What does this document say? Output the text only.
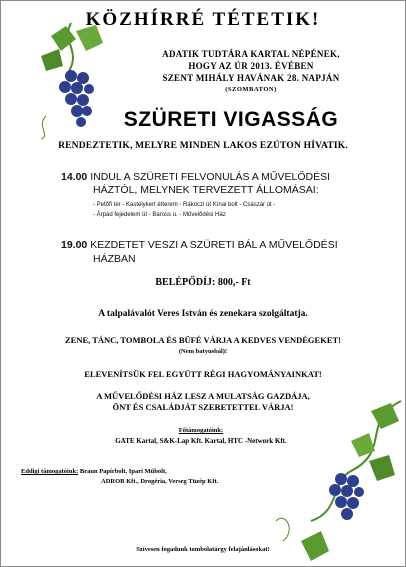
KÖZHÍRRÉ TÉTETIK!
ADATIK TUDTÁRA KARTAL NÉPÉNEK,
HOGY AZ ÚR 2013. ÉVÉBEN
SZENT MIHÁLY HAVÁNAK 28. NAPJÁN
(SZOMBATON)
SZÜRETI VIGASSÁG
RENDEZTETIK, MELYRE MINDEN LAKOS EZÚTON HÍVATIK.
14.00 INDUL A SZÜRETI FELVONULÁS A MŰVELŐDÉSI
HÁZTÓL, MELYNEK TERVEZETT ÁLLOMÁSAI:
- Petőfi tér - Kastélykert étterem - Rákóczi út Kínai bolt - Császár út -
- Árpád fejedelem út - Baross u. - Művelődési Ház
19.00 KEZDETET VESZI A SZÜRETI BÁL A MŰVELŐDÉSI
HÁZBAN
BELÉPŐDÍJ: 800,- Ft
A talpalávalót Veres István és zenekara szolgáltatja.
ZENE, TÁNC, TOMBOLA ÉS BÜFÉ VÁRJA A KEDVES VENDÉGEKET!
(Nem batyusbál)!
ELEVENÍTSÜK FEL EGYÜTT RÉGI HAGYOMÁNYAINKAT!
A MŰVELŐDÉSI HÁZ LESZ A MULATSÁG GAZDÁJA,
ÖNT ÉS CSALÁDJÁT SZERETETTEL VÁRJA!
Főtámogatóink:
GATE Kartal, S&K-Lap Kft. Kartal, HTC -Network Kft.
Eddigi támogatóink: Braun Papírbolt, Ipari Műbolt,
ADROB Kft., Drogéria, Verseg Tüzép Kft.
Szívesen fogadunk tombolatárgy felajánlásokat!
